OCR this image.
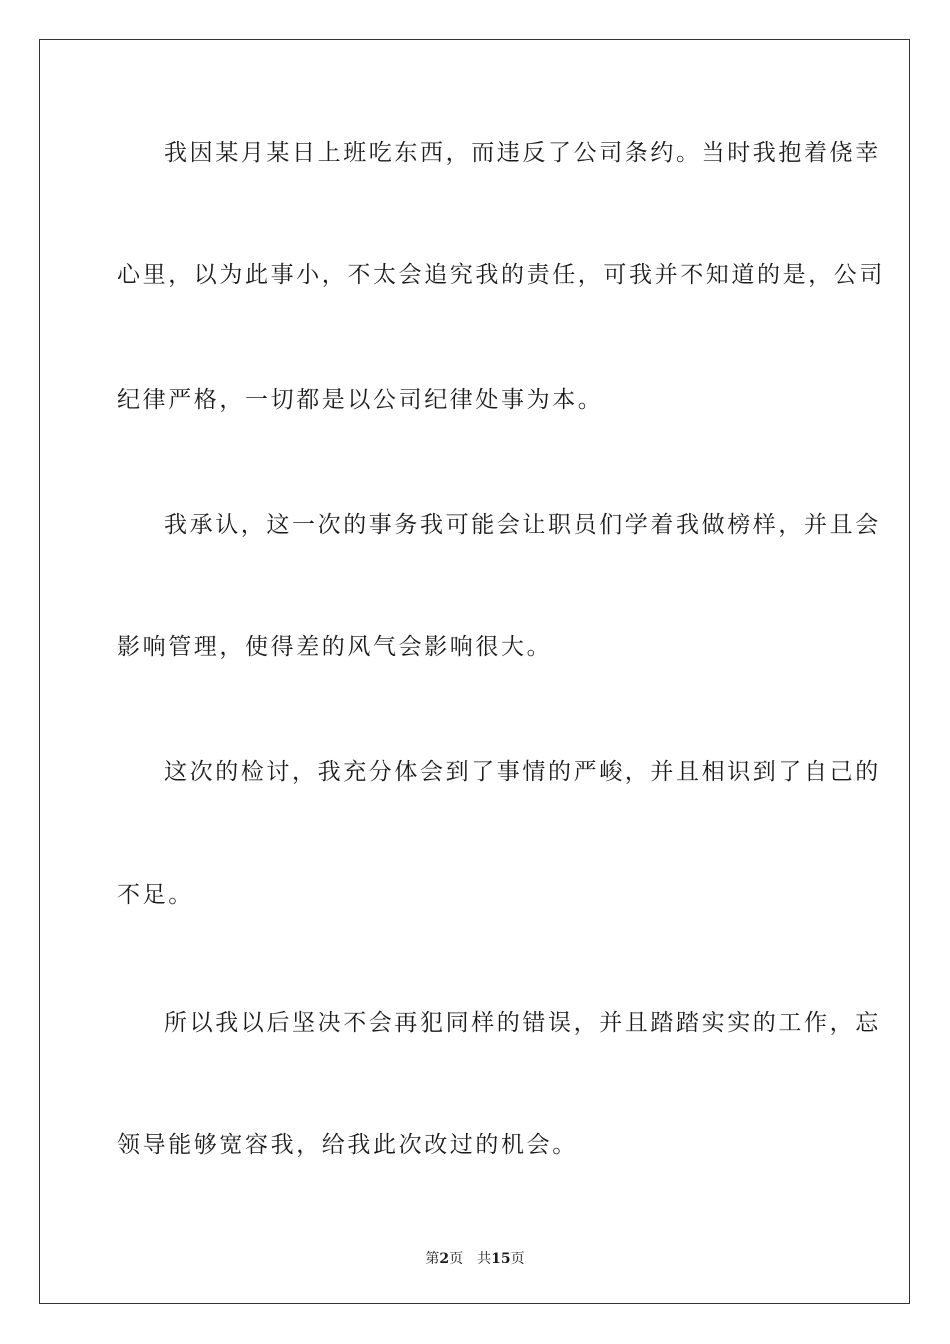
我因某月某日上班吃东西，而违反了公司条约。当时我抱着侥幸
心里，以为此事小，不太会追究我的责任，可我并不知道的是，公司
纪律严格，一切都是以公司纪律处事为本。
我承认，这一次的事务我可能会让职员们学着我做榜样，并且会
影响管理，使得差的风气会影响很大。
这次的检讨，我充分体会到了事情的严峻，并且相识到了自己的
不足。
所以我以后坚决不会再犯同样的错误，并且踏踏实实的工作，忘
领导能够宽容我，给我此次改过的机会。
第2页 共15页
